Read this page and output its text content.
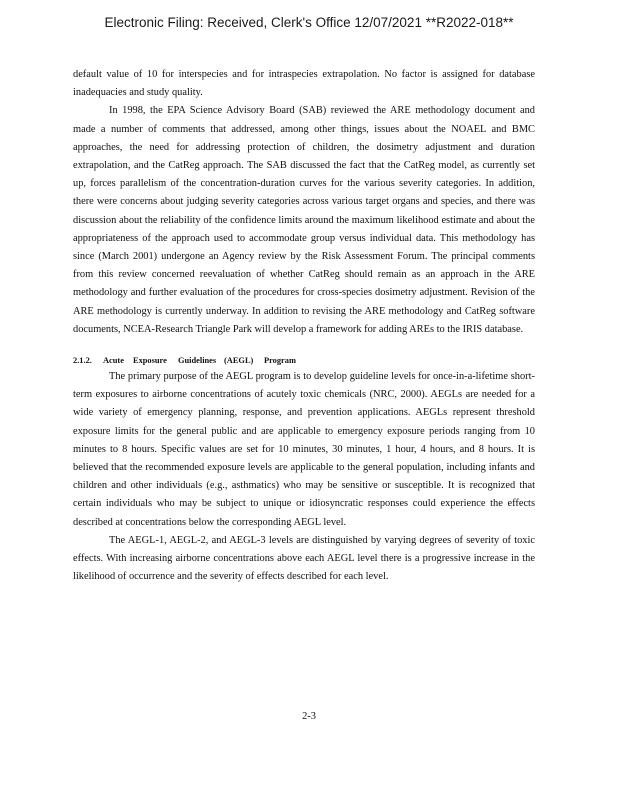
Electronic Filing: Received, Clerk's Office 12/07/2021 **R2022-018**

default value of 10 for interspecies and for intraspecies extrapolation. No factor is assigned for database inadequacies and study quality.

In 1998, the EPA Science Advisory Board (SAB) reviewed the ARE methodology document and made a number of comments that addressed, among other things, issues about the NOAEL and BMC approaches, the need for addressing protection of children, the dosimetry adjustment and duration extrapolation, and the CatReg approach. The SAB discussed the fact that the CatReg model, as currently set up, forces parallelism of the concentration-duration curves for the various severity categories. In addition, there were concerns about judging severity categories across various target organs and species, and there was discussion about the reliability of the confidence limits around the maximum likelihood estimate and about the appropriateness of the approach used to accommodate group versus individual data. This methodology has since (March 2001) undergone an Agency review by the Risk Assessment Forum. The principal comments from this review concerned reevaluation of whether CatReg should remain as an approach in the ARE methodology and further evaluation of the procedures for cross-species dosimetry adjustment. Revision of the ARE methodology is currently underway. In addition to revising the ARE methodology and CatReg software documents, NCEA-Research Triangle Park will develop a framework for adding AREs to the IRIS database.

2.1.2. Acute Exposure Guidelines (AEGL) Program

The primary purpose of the AEGL program is to develop guideline levels for once-in-a-lifetime short-term exposures to airborne concentrations of acutely toxic chemicals (NRC, 2000). AEGLs are needed for a wide variety of emergency planning, response, and prevention applications. AEGLs represent threshold exposure limits for the general public and are applicable to emergency exposure periods ranging from 10 minutes to 8 hours. Specific values are set for 10 minutes, 30 minutes, 1 hour, 4 hours, and 8 hours. It is believed that the recommended exposure levels are applicable to the general population, including infants and children and other individuals (e.g., asthmatics) who may be sensitive or susceptible. It is recognized that certain individuals who may be subject to unique or idiosyncratic responses could experience the effects described at concentrations below the corresponding AEGL level.

The AEGL-1, AEGL-2, and AEGL-3 levels are distinguished by varying degrees of severity of toxic effects. With increasing airborne concentrations above each AEGL level there is a progressive increase in the likelihood of occurrence and the severity of effects described for each level.

2-3
